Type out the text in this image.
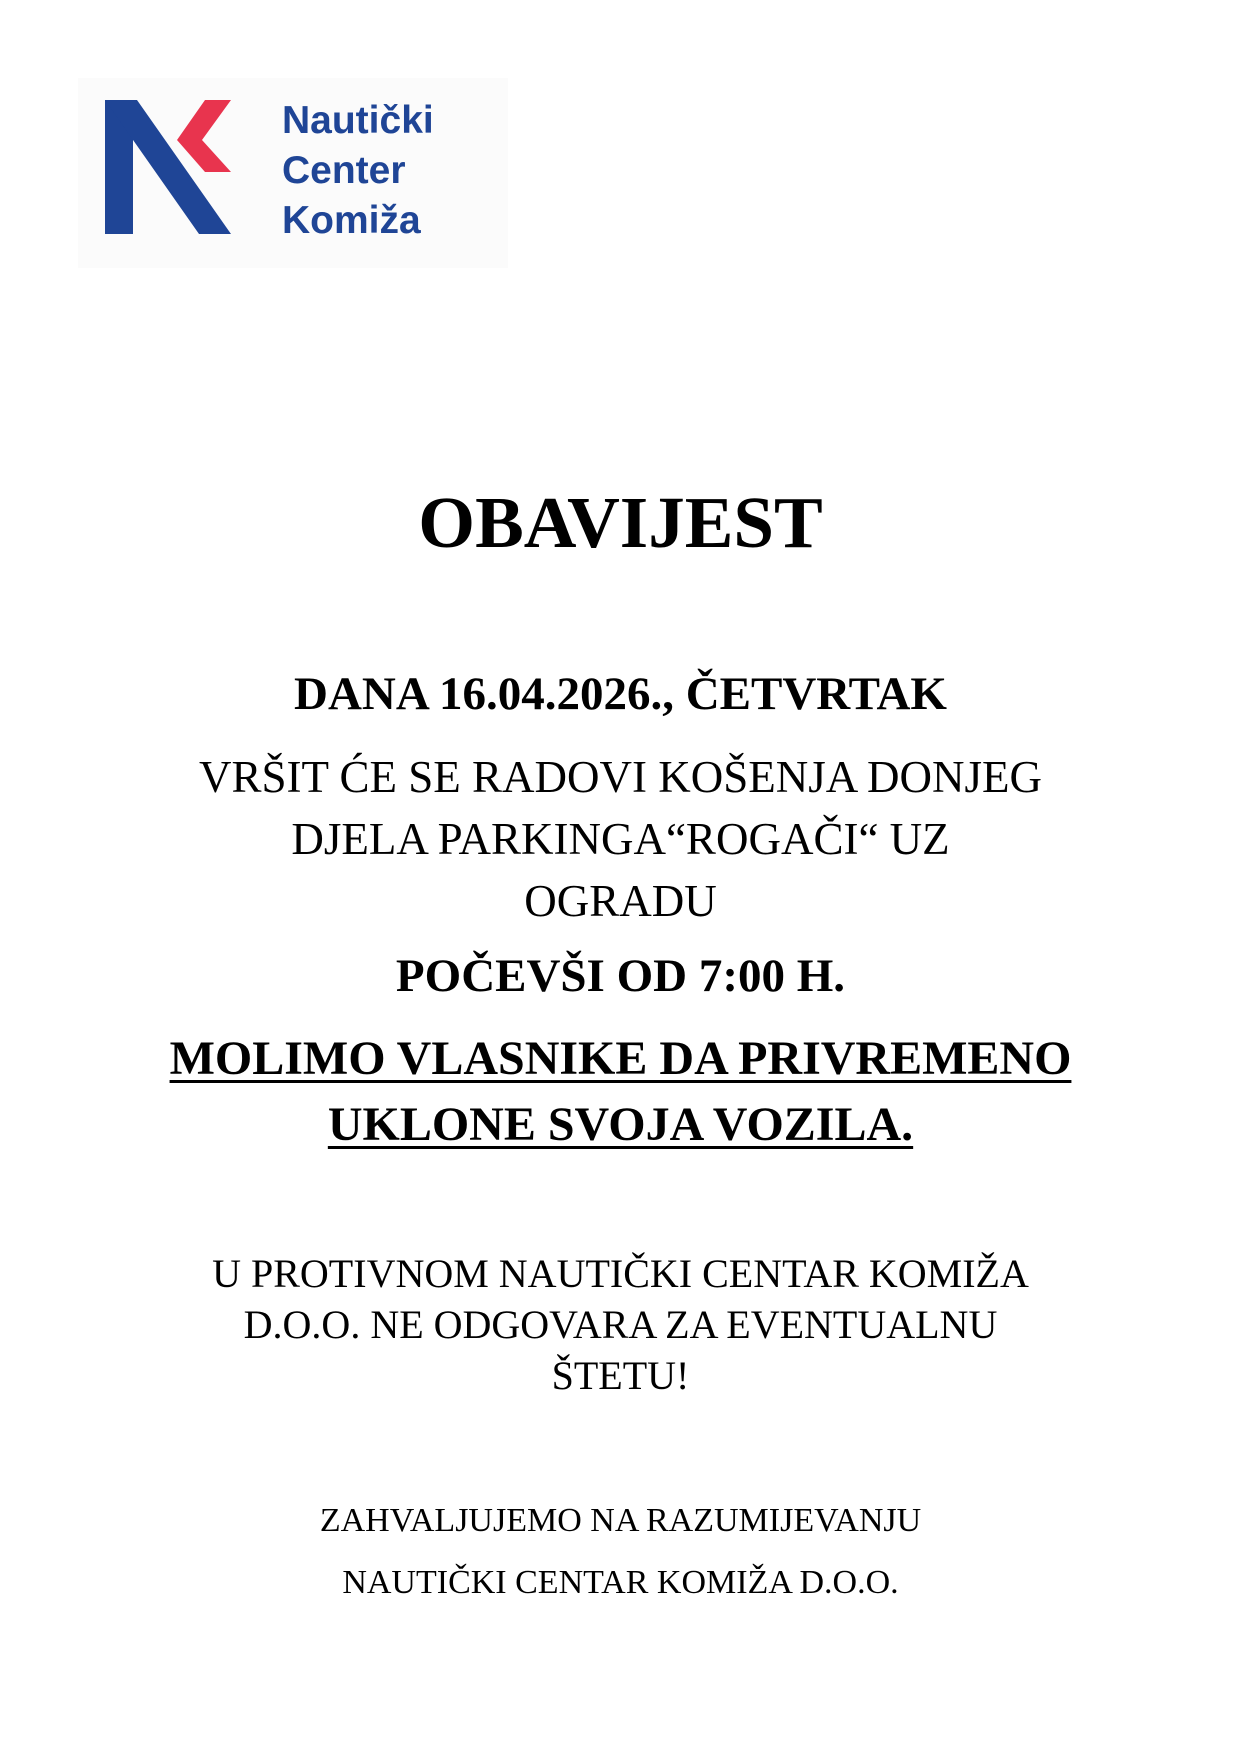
Nautički
Center
Komiža
OBAVIJEST
DANA 16.04.2026., ČETVRTAK
VRŠIT ĆE SE RADOVI KOŠENJA DONJEG
DJELA PARKINGA“ROGAČI“ UZ
OGRADU
POČEVŠI OD 7:00 H.
MOLIMO VLASNIKE DA PRIVREMENO
UKLONE SVOJA VOZILA.
U PROTIVNOM NAUTIČKI CENTAR KOMIŽA
D.O.O. NE ODGOVARA ZA EVENTUALNU
ŠTETU!
ZAHVALJUJEMO NA RAZUMIJEVANJU
NAUTIČKI CENTAR KOMIŽA D.O.O.
